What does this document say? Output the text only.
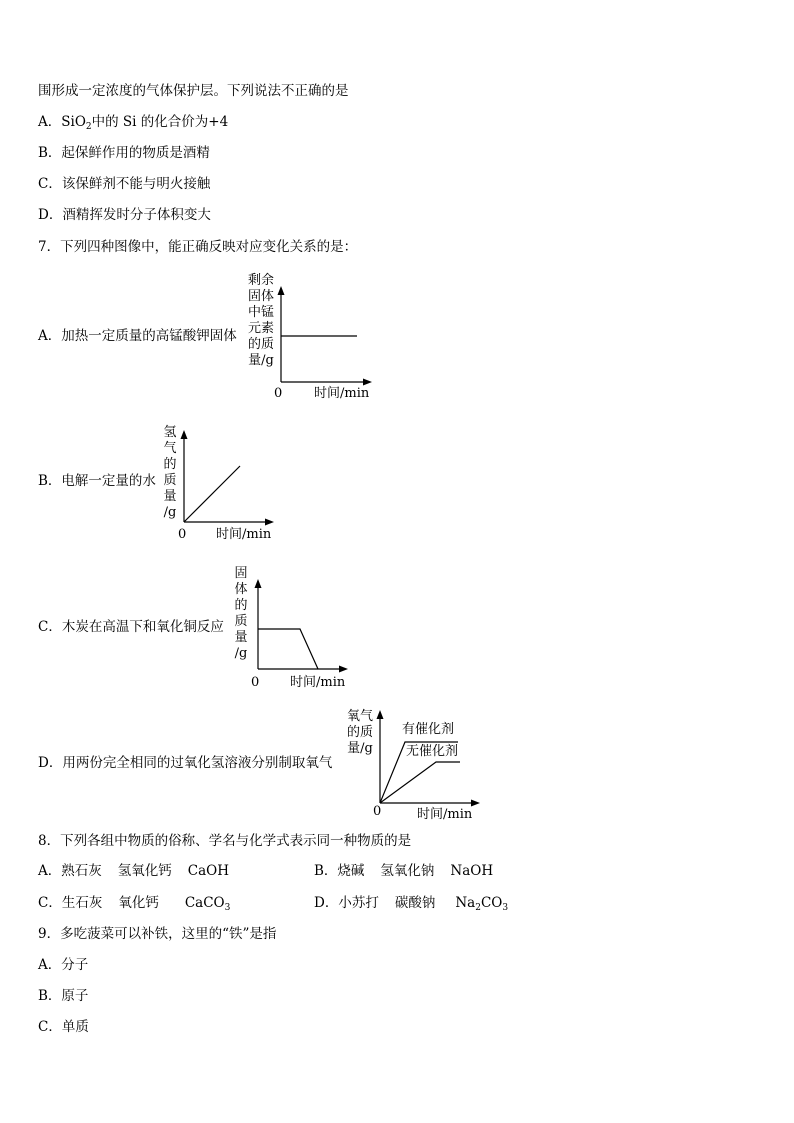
围形成一定浓度的气体保护层。下列说法不正确的是
A．SiO$_2$中的 Si 的化合价为+4
B．起保鲜作用的物质是酒精
C．该保鲜剂不能与明火接触
D．酒精挥发时分子体积变大
7．下列四种图像中，能正确反映对应变化关系的是：
A．加热一定质量的高锰酸钾固体
剩余
固体
中锰
元素
的质
量/g
0 时间/min
B．电解一定量的水
氢
气
的
质
量
/g
0 时间/min
C．木炭在高温下和氧化铜反应
固
体
的
质
量
/g
0 时间/min
D．用两份完全相同的过氧化氢溶液分别制取氧气
氧气
的质
量/g
有催化剂
无催化剂
0	时间/min
8．下列各组中物质的俗称、学名与化学式表示同一种物质的是
A．熟石灰 氢氧化钙 CaOH	B．烧碱 氢氧化钠 NaOH
C．生石灰 氧化钙 CaCO$_3$	D．小苏打 碳酸钠 $Na_2CO_3$
9．多吃菠菜可以补铁，这里的“铁”是指
A．分子
B．原子
C．单质
